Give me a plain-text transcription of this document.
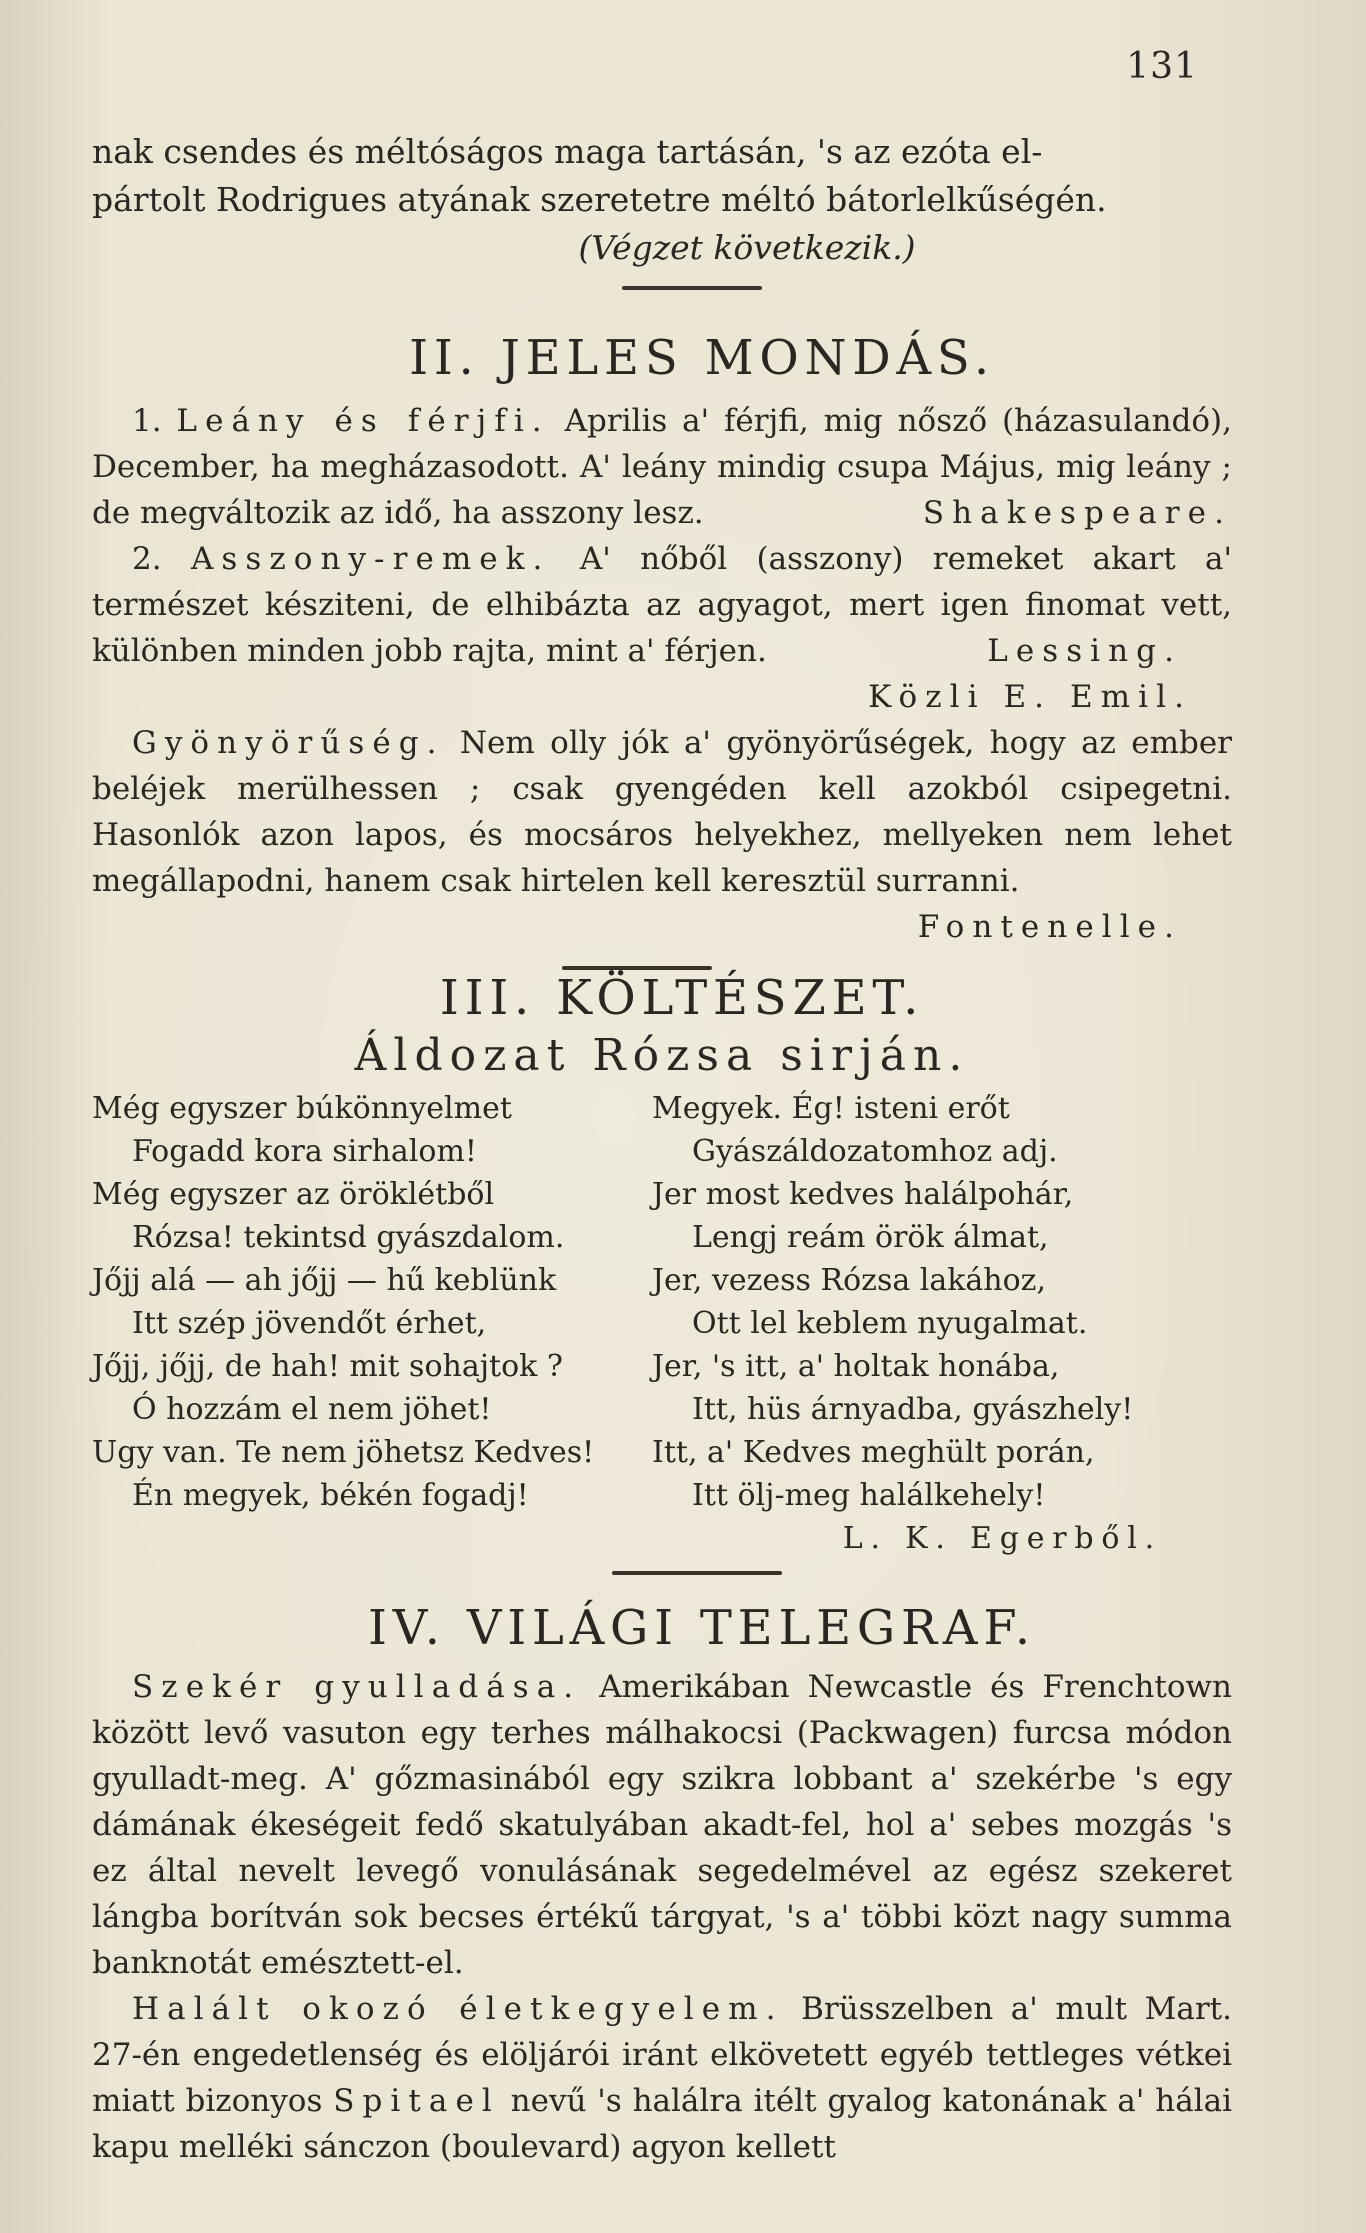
131

nak csendes és méltóságos maga tartásán, 's az ezóta el-
pártolt Rodrigues atyának szeretetre méltó bátorlelkűségén.

(Végzet következik.)

II. JELES MONDÁS.

1. Leány és férjfi. Aprilis a' férjfi, mig nősző (házasulandó), December, ha megházasodott. A' leány mindig csupa Május, mig leány ; de megváltozik az idő, ha asszony lesz.	Shakespeare.

2. Asszony-remek. A' nőből (asszony) remeket akart a' természet késziteni, de elhibázta az agyagot, mert igen finomat vett, különben minden jobb rajta, mint a' férjen.	Lessing.

Közli E. Emil.

Gyönyörűség. Nem olly jók a' gyönyörűségek, hogy az ember beléjek merülhessen ; csak gyengéden kell azokból csipegetni. Hasonlók azon lapos, és mocsáros helyekhez, mellyeken nem lehet megállapodni, hanem csak hirtelen kell keresztül surranni.

Fontenelle.

III. KÖLTÉSZET.

Áldozat Rózsa sirján.

Még egyszer búkönnyelmet
Fogadd kora sirhalom!
Még egyszer az öröklétből
Rózsa! tekintsd gyászdalom.
Jőjj alá — ah jőjj — hű keblünk
Itt szép jövendőt érhet,
Jőjj, jőjj, de hah! mit sohajtok ?
Ó hozzám el nem jöhet!
Ugy van. Te nem jöhetsz Kedves!
Én megyek, békén fogadj!
Megyek. Ég! isteni erőt
Gyászáldozatomhoz adj.
Jer most kedves halálpohár,
Lengj reám örök álmat,
Jer, vezess Rózsa lakához,
Ott lel keblem nyugalmat.
Jer, 's itt, a' holtak honába,
Itt, hüs árnyadba, gyászhely!
Itt, a' Kedves meghült porán,
Itt ölj-meg halálkehely!

L. K. Egerből.

IV. VILÁGI TELEGRAF.

Szekér gyulladása. Amerikában Newcastle és Frenchtown között levő vasuton egy terhes málhakocsi (Packwagen) furcsa módon gyulladt-meg. A' gőzmasinából egy szikra lobbant a' szekérbe 's egy dámának ékeségeit fedő skatulyában akadt-fel, hol a' sebes mozgás 's ez által nevelt levegő vonulásának segedelmével az egész szekeret lángba borítván sok becses értékű tárgyat, 's a' többi közt nagy summa banknotát emésztett-el.

Halált okozó életkegyelem. Brüsszelben a' mult Mart. 27-én engedetlenség és elöljárói iránt elkövetett egyéb tettleges vétkei miatt bizonyos Spitael nevű 's halálra itélt gyalog katonának a' hálai kapu melléki sánczon (boulevard) agyon kellett
